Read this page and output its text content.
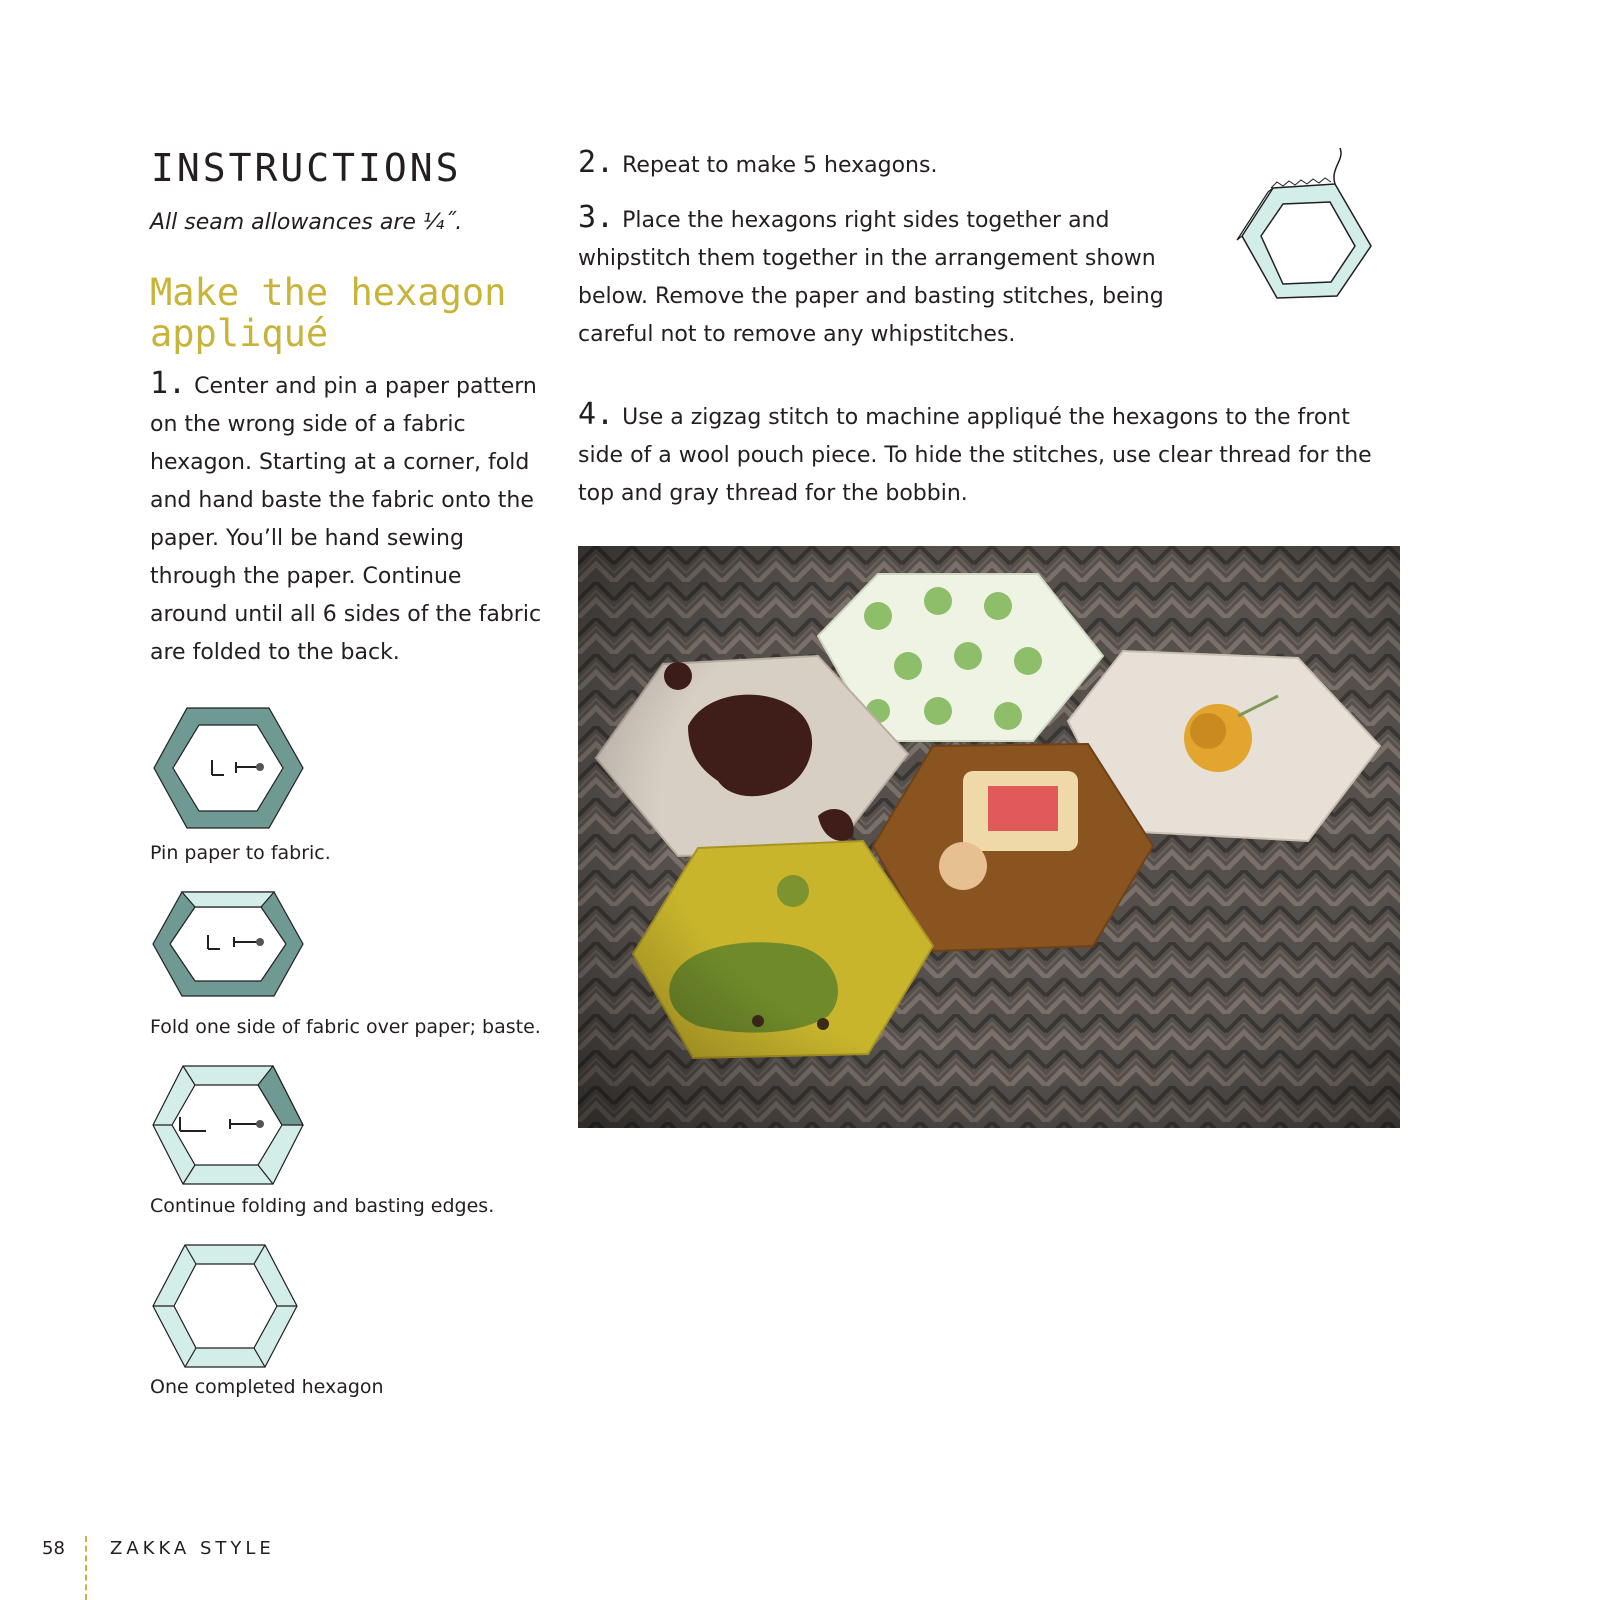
INSTRUCTIONS
All seam allowances are ¼˝.
Make the hexagon appliqué
1. Center and pin a paper pattern on the wrong side of a fabric hexagon. Starting at a corner, fold and hand baste the fabric onto the paper. You’ll be hand sewing through the paper. Continue around until all 6 sides of the fabric are folded to the back.
2. Repeat to make 5 hexagons.
3. Place the hexagons right sides together and whipstitch them together in the arrangement shown below. Remove the paper and basting stitches, being careful not to remove any whipstitches.
4. Use a zigzag stitch to machine appliqué the hexagons to the front side of a wool pouch piece. To hide the stitches, use clear thread for the top and gray thread for the bobbin.
Pin paper to fabric.
Fold one side of fabric over paper; baste.
Continue folding and basting edges.
One completed hexagon
58	ZAKKA STYLE
